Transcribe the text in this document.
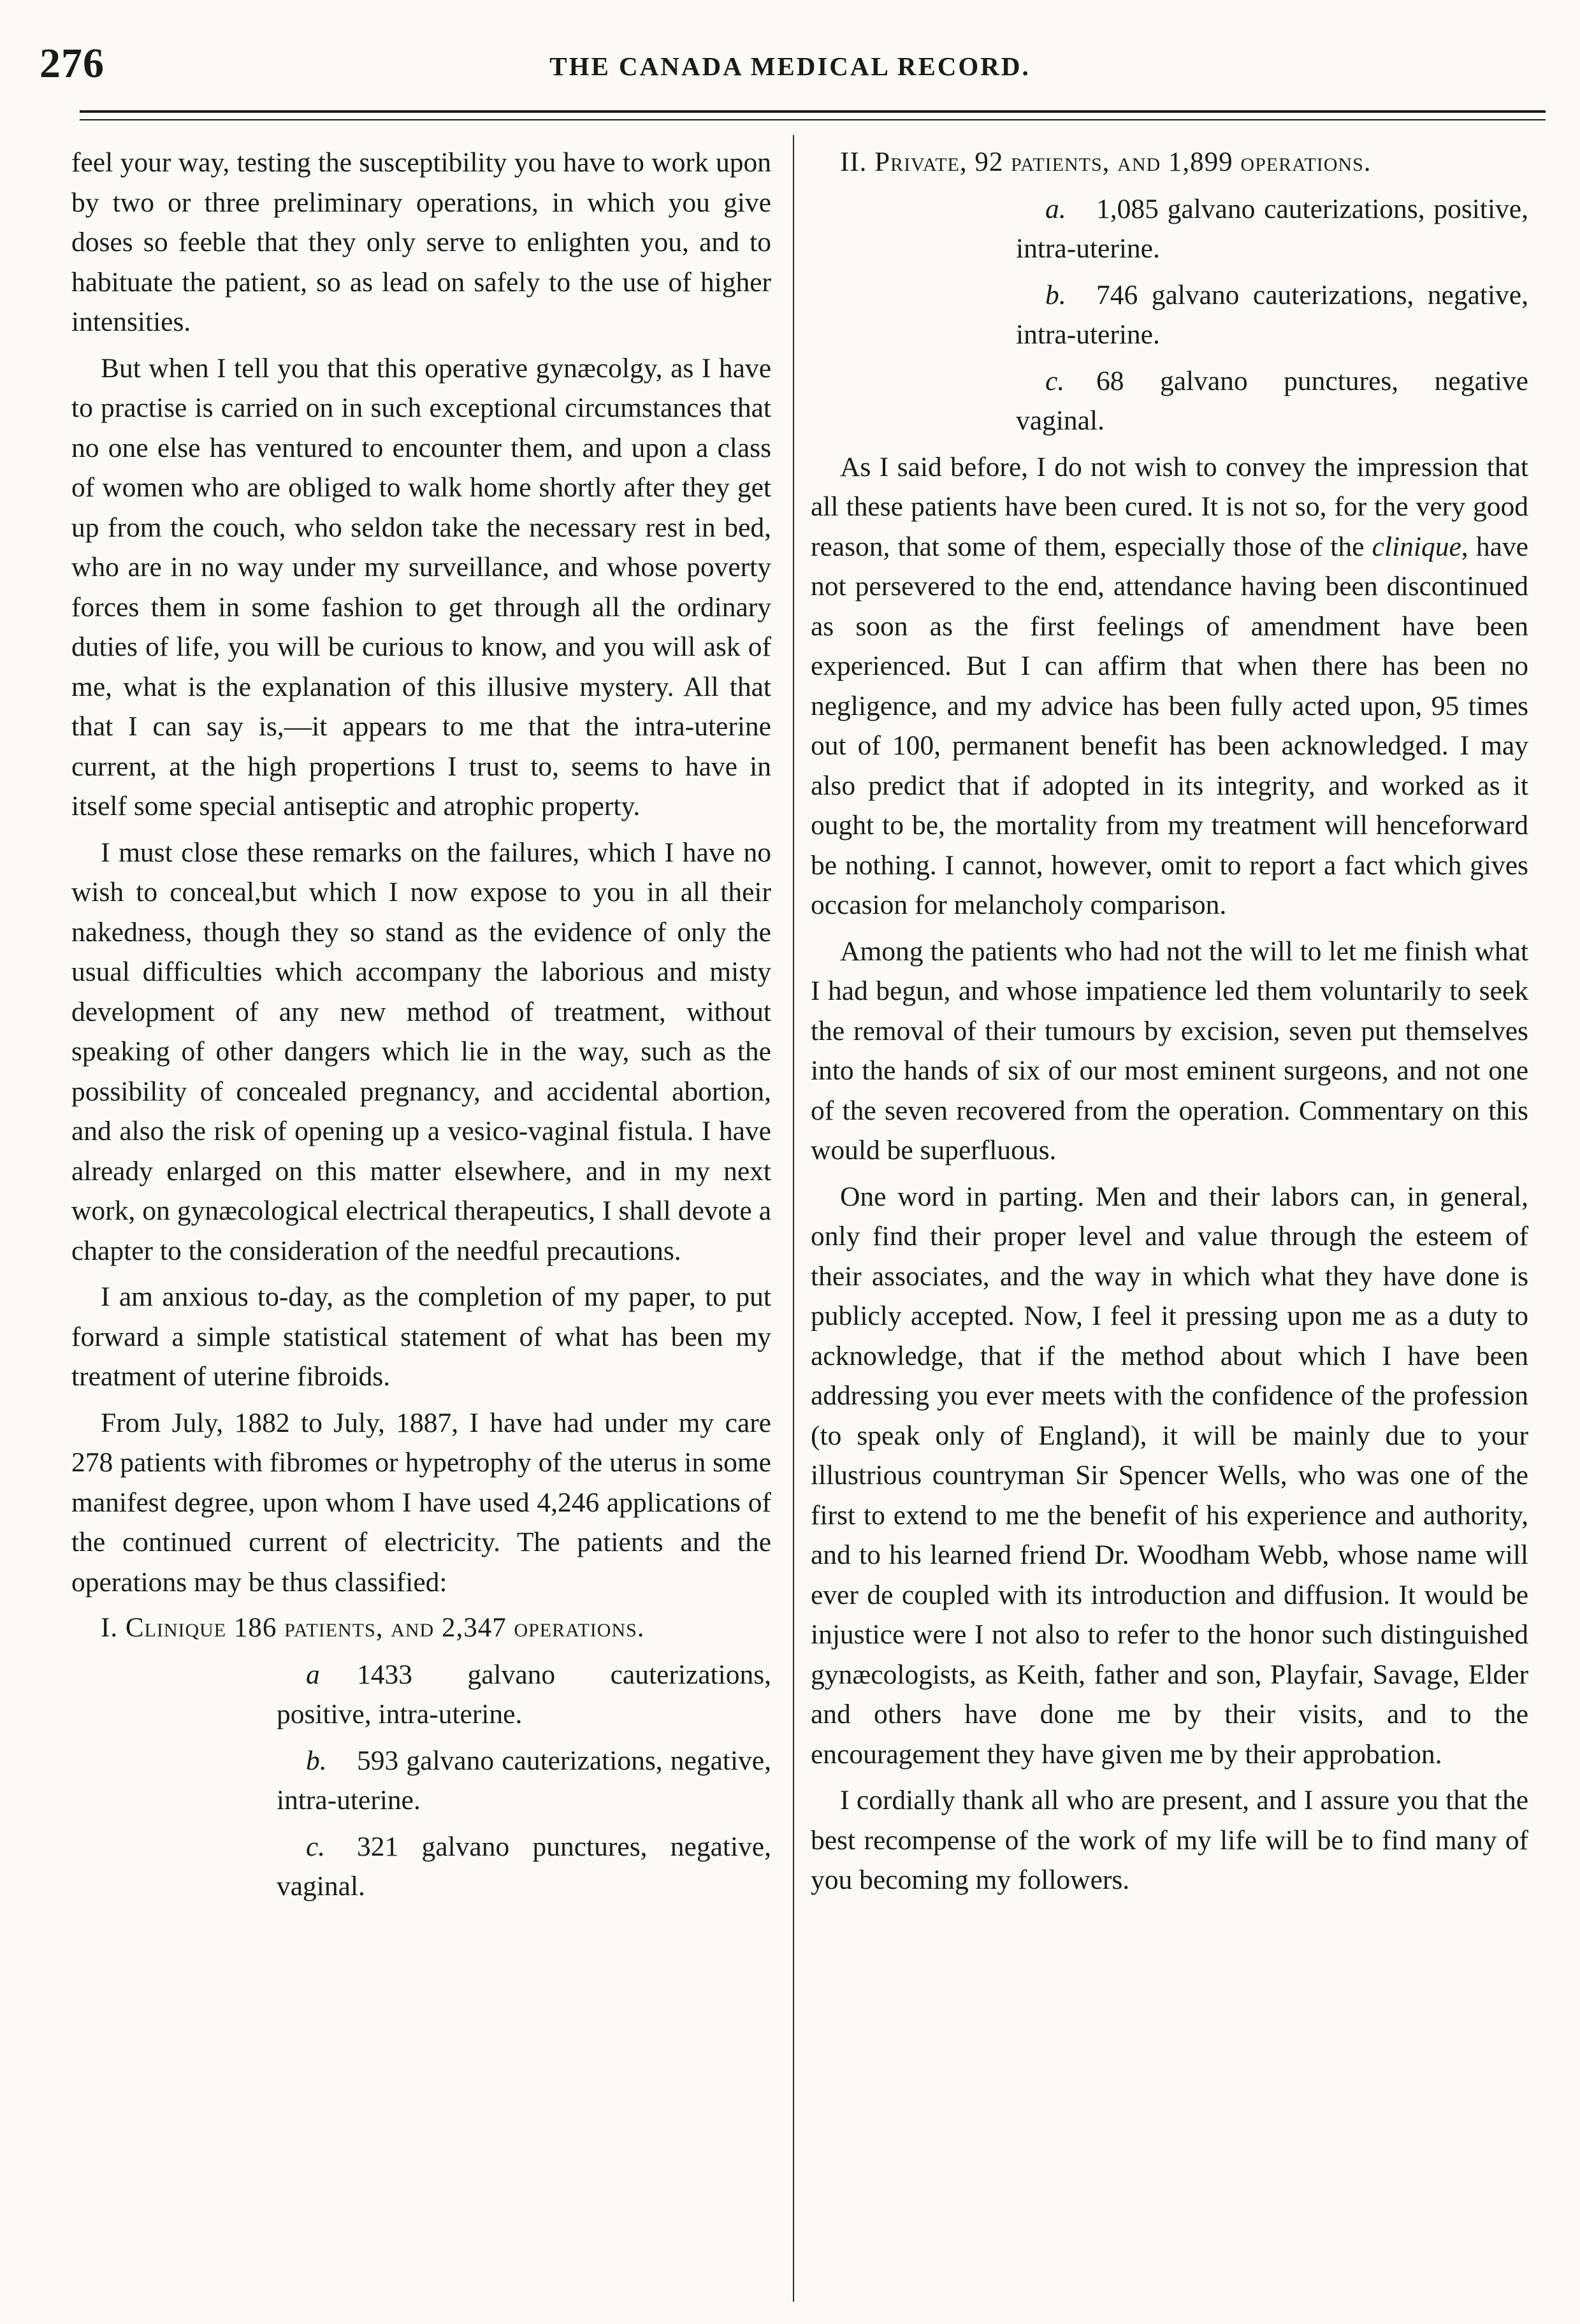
276	THE CANADA MEDICAL RECORD.

feel your way, testing the susceptibility you have to work upon by two or three preliminary operations, in which you give doses so feeble that they only serve to enlighten you, and to habituate the patient, so as lead on safely to the use of higher intensities.

But when I tell you that this operative gynæcolgy, as I have to practise is carried on in such exceptional circumstances that no one else has ventured to encounter them, and upon a class of women who are obliged to walk home shortly after they get up from the couch, who seldon take the necessary rest in bed, who are in no way under my surveillance, and whose poverty forces them in some fashion to get through all the ordinary duties of life, you will be curious to know, and you will ask of me, what is the explanation of this illusive mystery. All that that I can say is,—it appears to me that the intra-uterine current, at the high propertions I trust to, seems to have in itself some special antiseptic and atrophic property.

I must close these remarks on the failures, which I have no wish to conceal,but which I now expose to you in all their nakedness, though they so stand as the evidence of only the usual difficulties which accompany the laborious and misty development of any new method of treatment, without speaking of other dangers which lie in the way, such as the possibility of concealed pregnancy, and accidental abortion, and also the risk of opening up a vesico-vaginal fistula. I have already enlarged on this matter elsewhere, and in my next work, on gynæcological electrical therapeutics, I shall devote a chapter to the consideration of the needful precautions.

I am anxious to-day, as the completion of my paper, to put forward a simple statistical statement of what has been my treatment of uterine fibroids.

From July, 1882 to July, 1887, I have had under my care 278 patients with fibromes or hypetrophy of the uterus in some manifest degree, upon whom I have used 4,246 applications of the continued current of electricity. The patients and the operations may be thus classified:

I. Clinique 186 patients, and 2,347 operations.

a 1433 galvano cauterizations, positive, intra-uterine.

b. 593 galvano cauterizations, negative, intra-uterine.

c. 321 galvano punctures, negative, vaginal.

II. Private, 92 patients, and 1,899 operations.

a. 1,085 galvano cauterizations, positive, intra-uterine.

b. 746 galvano cauterizations, negative, intra-uterine.

c. 68 galvano punctures, negative vaginal.

As I said before, I do not wish to convey the impression that all these patients have been cured. It is not so, for the very good reason, that some of them, especially those of the clinique, have not persevered to the end, attendance having been discontinued as soon as the first feelings of amendment have been experienced. But I can affirm that when there has been no negligence, and my advice has been fully acted upon, 95 times out of 100, permanent benefit has been acknowledged. I may also predict that if adopted in its integrity, and worked as it ought to be, the mortality from my treatment will henceforward be nothing. I cannot, however, omit to report a fact which gives occasion for melancholy comparison.

Among the patients who had not the will to let me finish what I had begun, and whose impatience led them voluntarily to seek the removal of their tumours by excision, seven put themselves into the hands of six of our most eminent surgeons, and not one of the seven recovered from the operation. Commentary on this would be superfluous.

One word in parting. Men and their labors can, in general, only find their proper level and value through the esteem of their associates, and the way in which what they have done is publicly accepted. Now, I feel it pressing upon me as a duty to acknowledge, that if the method about which I have been addressing you ever meets with the confidence of the profession (to speak only of England), it will be mainly due to your illustrious countryman Sir Spencer Wells, who was one of the first to extend to me the benefit of his experience and authority, and to his learned friend Dr. Woodham Webb, whose name will ever de coupled with its introduction and diffusion. It would be injustice were I not also to refer to the honor such distinguished gynæcologists, as Keith, father and son, Playfair, Savage, Elder and others have done me by their visits, and to the encouragement they have given me by their approbation.

I cordially thank all who are present, and I assure you that the best recompense of the work of my life will be to find many of you becoming my followers.
